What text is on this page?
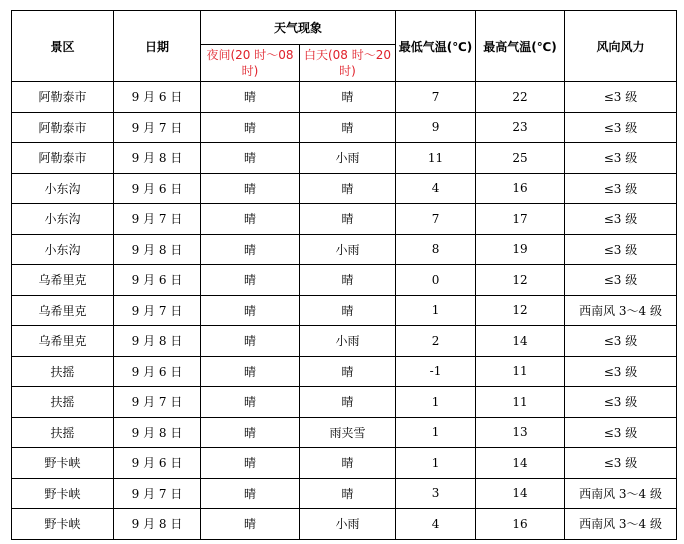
景区	日期	天气现象		最低气温(℃)	最高气温(℃)	风向风力
		夜间(20 时～08 时)	白天(08 时～20 时)			
阿勒泰市	9 月 6 日	晴	晴	7	22	≤3 级
阿勒泰市	9 月 7 日	晴	晴	9	23	≤3 级
阿勒泰市	9 月 8 日	晴	小雨	11	25	≤3 级
小东沟	9 月 6 日	晴	晴	4	16	≤3 级
小东沟	9 月 7 日	晴	晴	7	17	≤3 级
小东沟	9 月 8 日	晴	小雨	8	19	≤3 级
乌希里克	9 月 6 日	晴	晴	0	12	≤3 级
乌希里克	9 月 7 日	晴	晴	1	12	西南风 3～4 级
乌希里克	9 月 8 日	晴	小雨	2	14	≤3 级
扶摇	9 月 6 日	晴	晴	-1	11	≤3 级
扶摇	9 月 7 日	晴	晴	1	11	≤3 级
扶摇	9 月 8 日	晴	雨夹雪	1	13	≤3 级
野卡峡	9 月 6 日	晴	晴	1	14	≤3 级
野卡峡	9 月 7 日	晴	晴	3	14	西南风 3～4 级
野卡峡	9 月 8 日	晴	小雨	4	16	西南风 3～4 级
